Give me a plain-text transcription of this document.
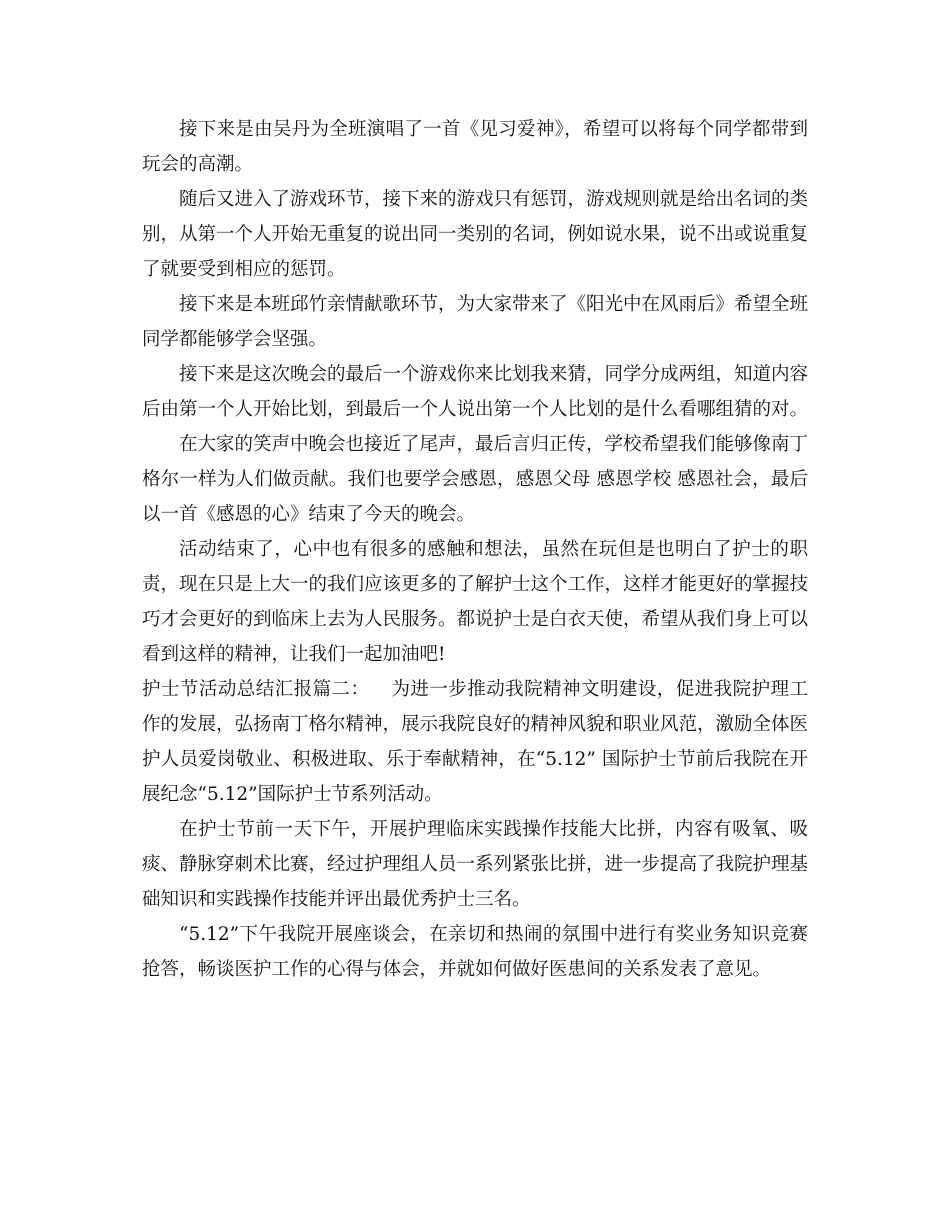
接下来是由吴丹为全班演唱了一首《见习爱神》，希望可以将每个同学都带到玩会的高潮。

随后又进入了游戏环节，接下来的游戏只有惩罚，游戏规则就是给出名词的类别，从第一个人开始无重复的说出同一类别的名词，例如说水果，说不出或说重复了就要受到相应的惩罚。

接下来是本班邱竹亲情献歌环节，为大家带来了《阳光中在风雨后》希望全班同学都能够学会坚强。

接下来是这次晚会的最后一个游戏你来比划我来猜，同学分成两组，知道内容后由第一个人开始比划，到最后一个人说出第一个人比划的是什么看哪组猜的对。

在大家的笑声中晚会也接近了尾声，最后言归正传，学校希望我们能够像南丁格尔一样为人们做贡献。我们也要学会感恩，感恩父母 感恩学校 感恩社会，最后以一首《感恩的心》结束了今天的晚会。

活动结束了，心中也有很多的感触和想法，虽然在玩但是也明白了护士的职责，现在只是上大一的我们应该更多的了解护士这个工作，这样才能更好的掌握技巧才会更好的到临床上去为人民服务。都说护士是白衣天使，希望从我们身上可以看到这样的精神，让我们一起加油吧!

护士节活动总结汇报篇二： 为进一步推动我院精神文明建设，促进我院护理工作的发展，弘扬南丁格尔精神，展示我院良好的精神风貌和职业风范，激励全体医护人员爱岗敬业、积极进取、乐于奉献精神，在“5.12” 国际护士节前后我院在开展纪念“5.12”国际护士节系列活动。

在护士节前一天下午，开展护理临床实践操作技能大比拼，内容有吸氧、吸痰、静脉穿刺术比赛，经过护理组人员一系列紧张比拼，进一步提高了我院护理基础知识和实践操作技能并评出最优秀护士三名。

“5.12”下午我院开展座谈会，在亲切和热闹的氛围中进行有奖业务知识竞赛抢答，畅谈医护工作的心得与体会，并就如何做好医患间的关系发表了意见。
